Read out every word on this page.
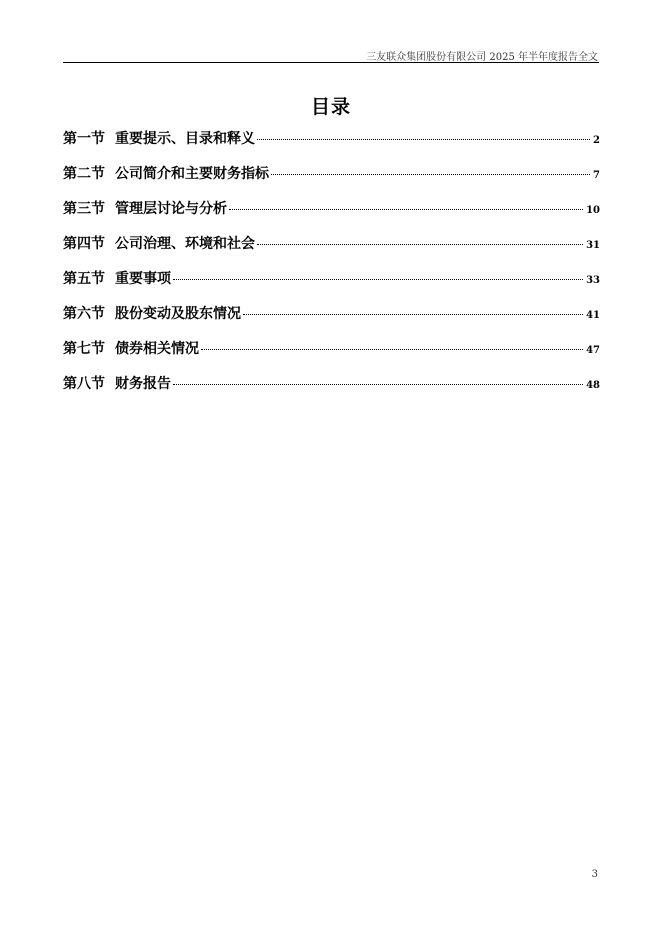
三友联众集团股份有限公司 2025 年半年度报告全文
目录
第一节 重要提示、目录和释义	2
第二节 公司简介和主要财务指标	7
第三节 管理层讨论与分析	10
第四节 公司治理、环境和社会	31
第五节 重要事项	33
第六节 股份变动及股东情况	41
第七节 债券相关情况	47
第八节 财务报告	48
3
